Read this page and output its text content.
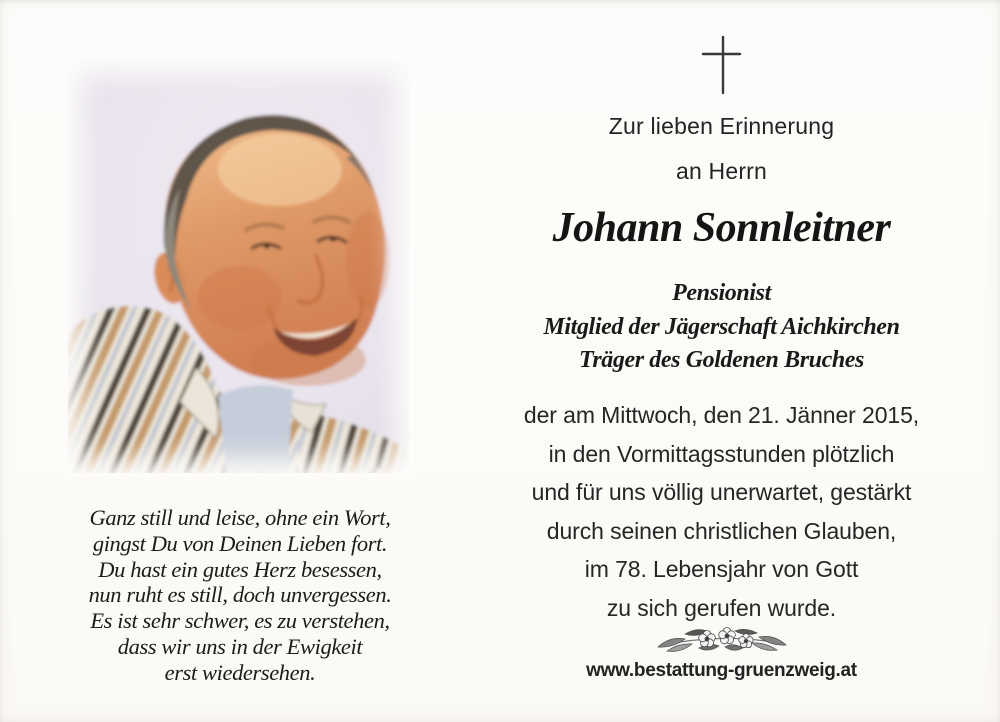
Ganz still und leise, ohne ein Wort,
gingst Du von Deinen Lieben fort.
Du hast ein gutes Herz besessen,
nun ruht es still, doch unvergessen.
Es ist sehr schwer, es zu verstehen,
dass wir uns in der Ewigkeit
erst wiedersehen.
Zur lieben Erinnerung
an Herrn
Johann Sonnleitner
Pensionist
Mitglied der Jägerschaft Aichkirchen
Träger des Goldenen Bruches
der am Mittwoch, den 21. Jänner 2015,
in den Vormittagsstunden plötzlich
und für uns völlig unerwartet, gestärkt
durch seinen christlichen Glauben,
im 78. Lebensjahr von Gott
zu sich gerufen wurde.
www.bestattung-gruenzweig.at
